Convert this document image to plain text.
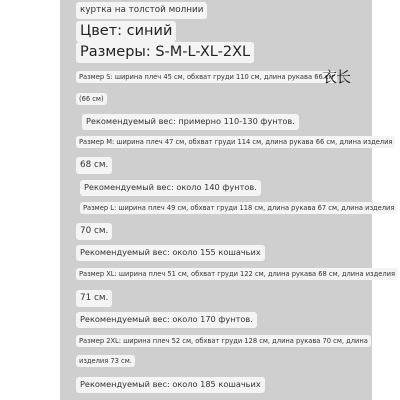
куртка на толстой молнии
Цвет: синий
Размеры: S-M-L-XL-2XL
Размер S: ширина плеч 45 см, обхват груди 110 см, длина рукава 66 см
衣长
(66 см)
Рекомендуемый вес: примерно 110-130 фунтов.
Размер M: ширина плеч 47 см, обхват груди 114 см, длина рукава 66 см, длина изделия
68 см.
Рекомендуемый вес: около 140 фунтов.
Размер L: ширина плеч 49 см, обхват груди 118 см, длина рукава 67 см, длина изделия
70 см.
Рекомендуемый вес: около 155 кошачьих
Размер XL: ширина плеч 51 см, обхват груди 122 см, длина рукава 68 см, длина изделия
71 см.
Рекомендуемый вес: около 170 фунтов.
Размер 2XL: ширина плеч 52 см, обхват груди 128 см, длина рукава 70 см, длина
изделия 73 см.
Рекомендуемый вес: около 185 кошачьих
